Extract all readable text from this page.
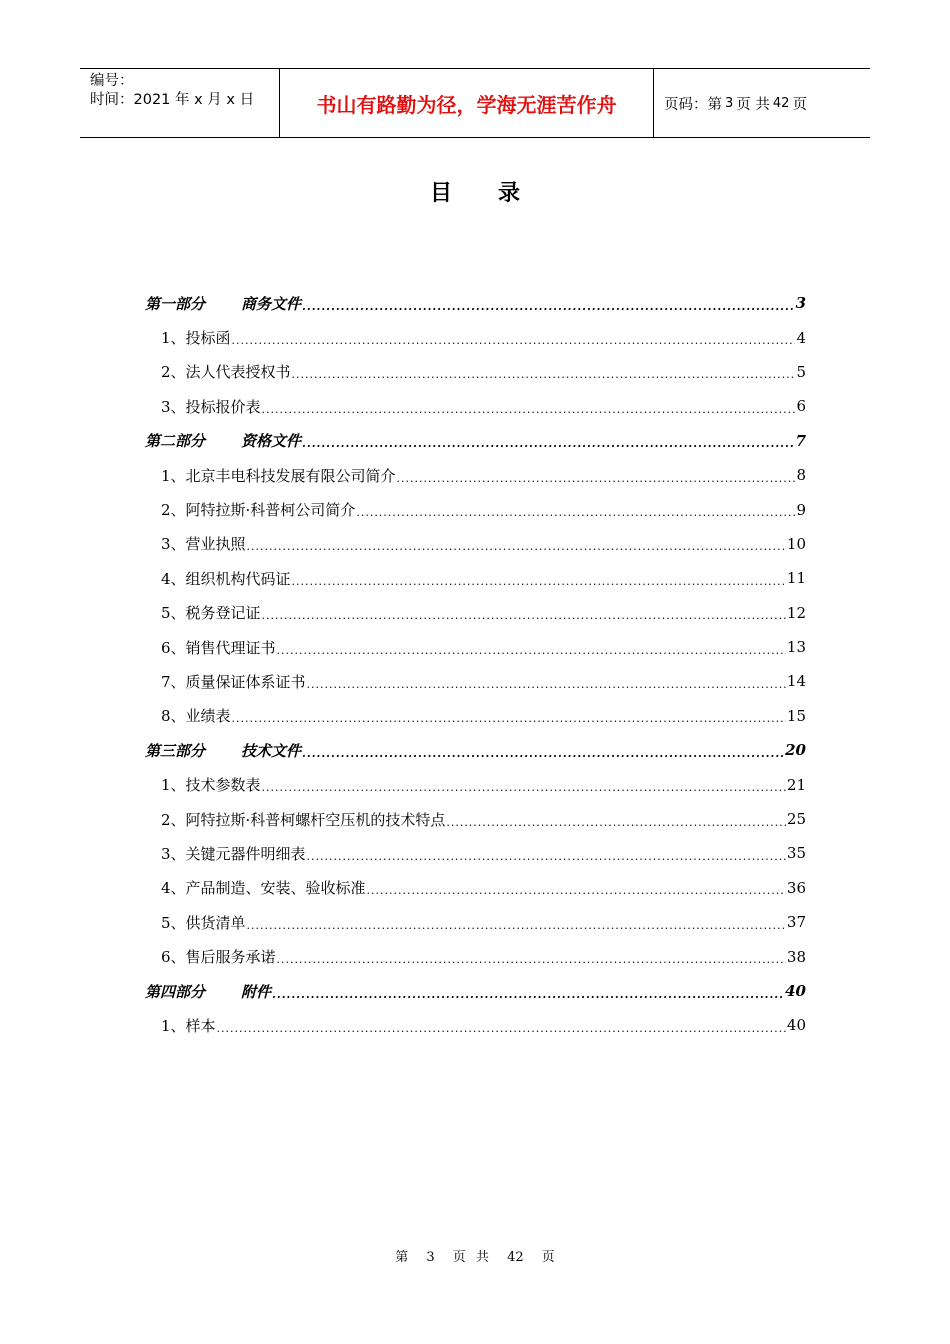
编号：
时间：2021 年 x 月 x 日	书山有路勤为径，学海无涯苦作舟	页码：第 3 页 共 42 页
目录
第一部分 商务文件 .....	3
1、投标函 .....	4
2、法人代表授权书 .....	5
3、投标报价表 .....	6
第二部分 资格文件 .....	7
1、北京丰电科技发展有限公司简介 .....	8
2、阿特拉斯·科普柯公司简介 .....	9
3、营业执照 .....	10
4、组织机构代码证 .....	11
5、税务登记证 .....	12
6、销售代理证书 .....	13
7、质量保证体系证书 .....	14
8、业绩表 .....	15
第三部分 技术文件 .....	20
1、技术参数表 .....	21
2、阿特拉斯·科普柯螺杆空压机的技术特点 .....	25
3、关键元器件明细表 .....	35
4、产品制造、安装、验收标准 .....	36
5、供货清单 .....	37
6、售后服务承诺 .....	38
第四部分 附件 .....	40
1、样本 .....	40
第 3 页 共 42 页
